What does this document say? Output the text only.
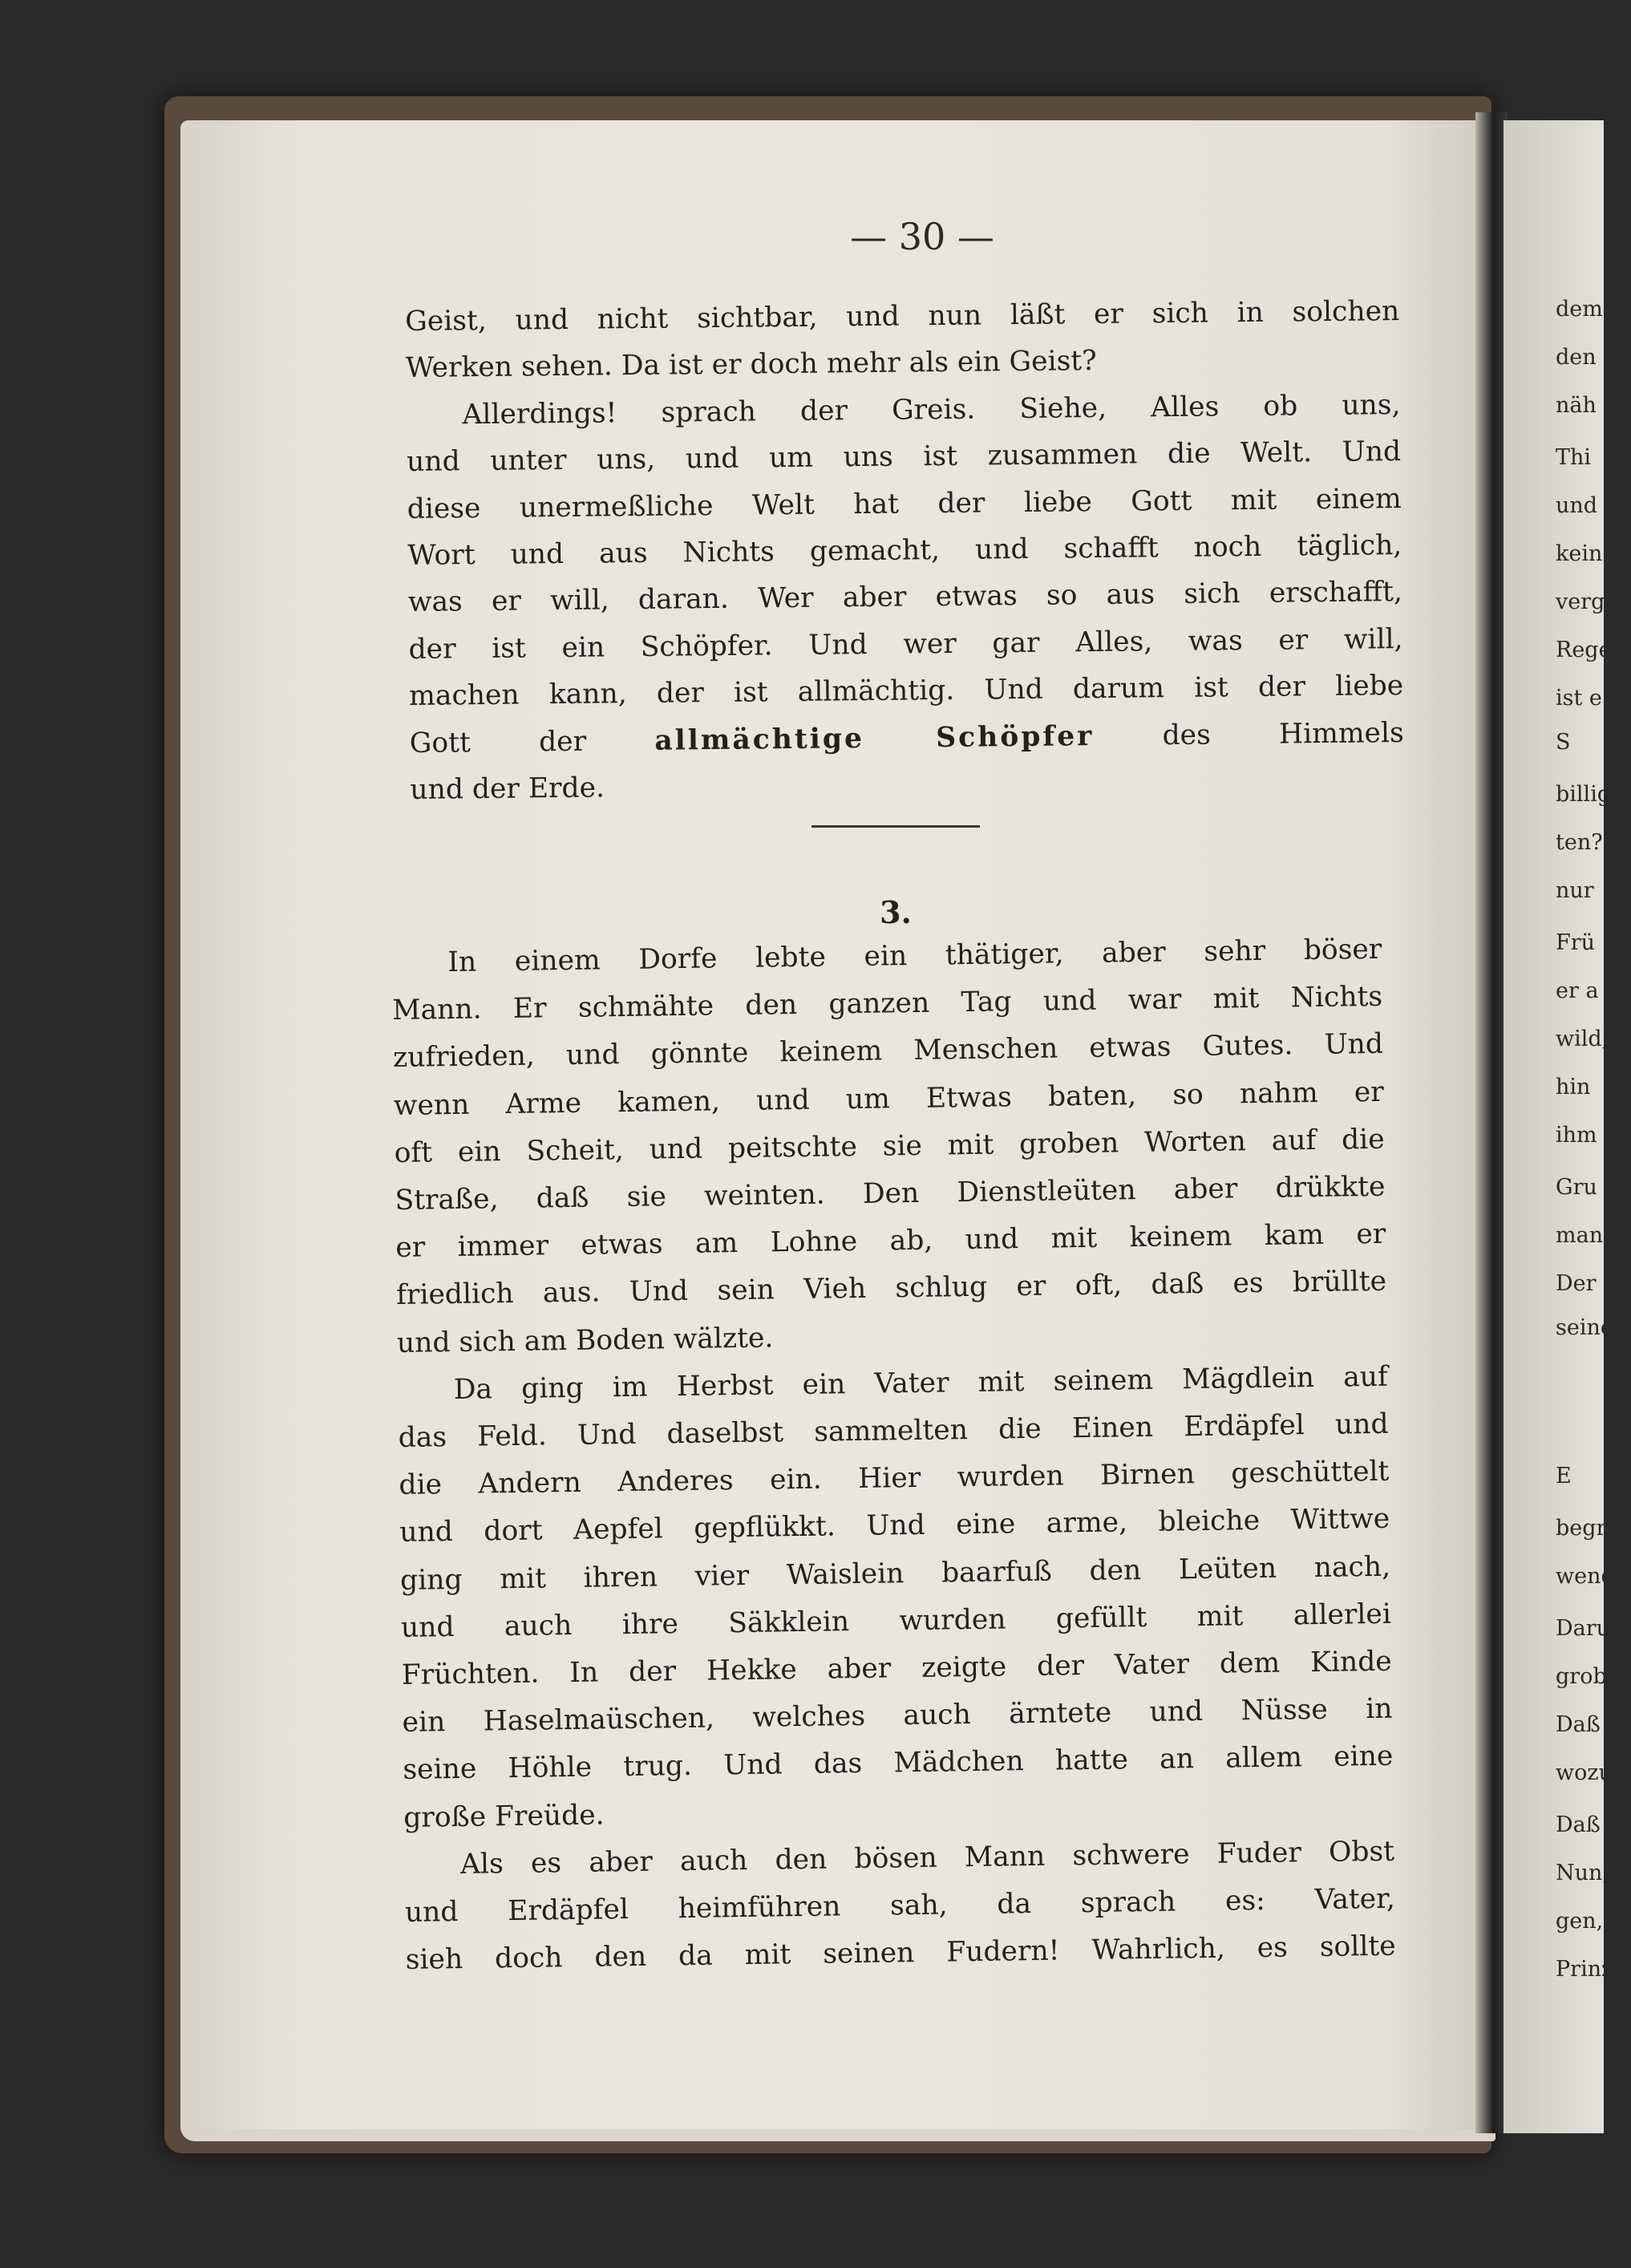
— 30 —
Geist, und nicht sichtbar, und nun läßt er sich in solchen
Werken sehen. Da ist er doch mehr als ein Geist?
Allerdings! sprach der Greis. Siehe, Alles ob uns,
und unter uns, und um uns ist zusammen die Welt. Und
diese unermeßliche Welt hat der liebe Gott mit einem
Wort und aus Nichts gemacht, und schafft noch täglich,
was er will, daran. Wer aber etwas so aus sich erschafft,
der ist ein Schöpfer. Und wer gar Alles, was er will,
machen kann, der ist allmächtig. Und darum ist der liebe
Gott der allmächtige Schöpfer des Himmels
und der Erde.
3.
In einem Dorfe lebte ein thätiger, aber sehr böser
Mann. Er schmähte den ganzen Tag und war mit Nichts
zufrieden, und gönnte keinem Menschen etwas Gutes. Und
wenn Arme kamen, und um Etwas baten, so nahm er
oft ein Scheit, und peitschte sie mit groben Worten auf die
Straße, daß sie weinten. Den Dienstleüten aber drükkte
er immer etwas am Lohne ab, und mit keinem kam er
friedlich aus. Und sein Vieh schlug er oft, daß es brüllte
und sich am Boden wälzte.
Da ging im Herbst ein Vater mit seinem Mägdlein auf
das Feld. Und daselbst sammelten die Einen Erdäpfel und
die Andern Anderes ein. Hier wurden Birnen geschüttelt
und dort Aepfel gepflükkt. Und eine arme, bleiche Wittwe
ging mit ihren vier Waislein baarfuß den Leüten nach,
und auch ihre Säkklein wurden gefüllt mit allerlei
Früchten. In der Hekke aber zeigte der Vater dem Kinde
ein Haselmaüschen, welches auch ärntete und Nüsse in
seine Höhle trug. Und das Mädchen hatte an allem eine
große Freüde.
Als es aber auch den bösen Mann schwere Fuder Obst
und Erdäpfel heimführen sah, da sprach es: Vater,
sieh doch den da mit seinen Fudern! Wahrlich, es sollte
dem
den
näh
Thi
und
kein
verg
Rege
ist e
S
billig
ten?
nur
Frü
er a
wild,
hin
ihm
Gru
man
Der
seiner
E
begrei
wendi
Darum
grob
Daß
wozu
Daß
Nun,
gen,
Prinz
